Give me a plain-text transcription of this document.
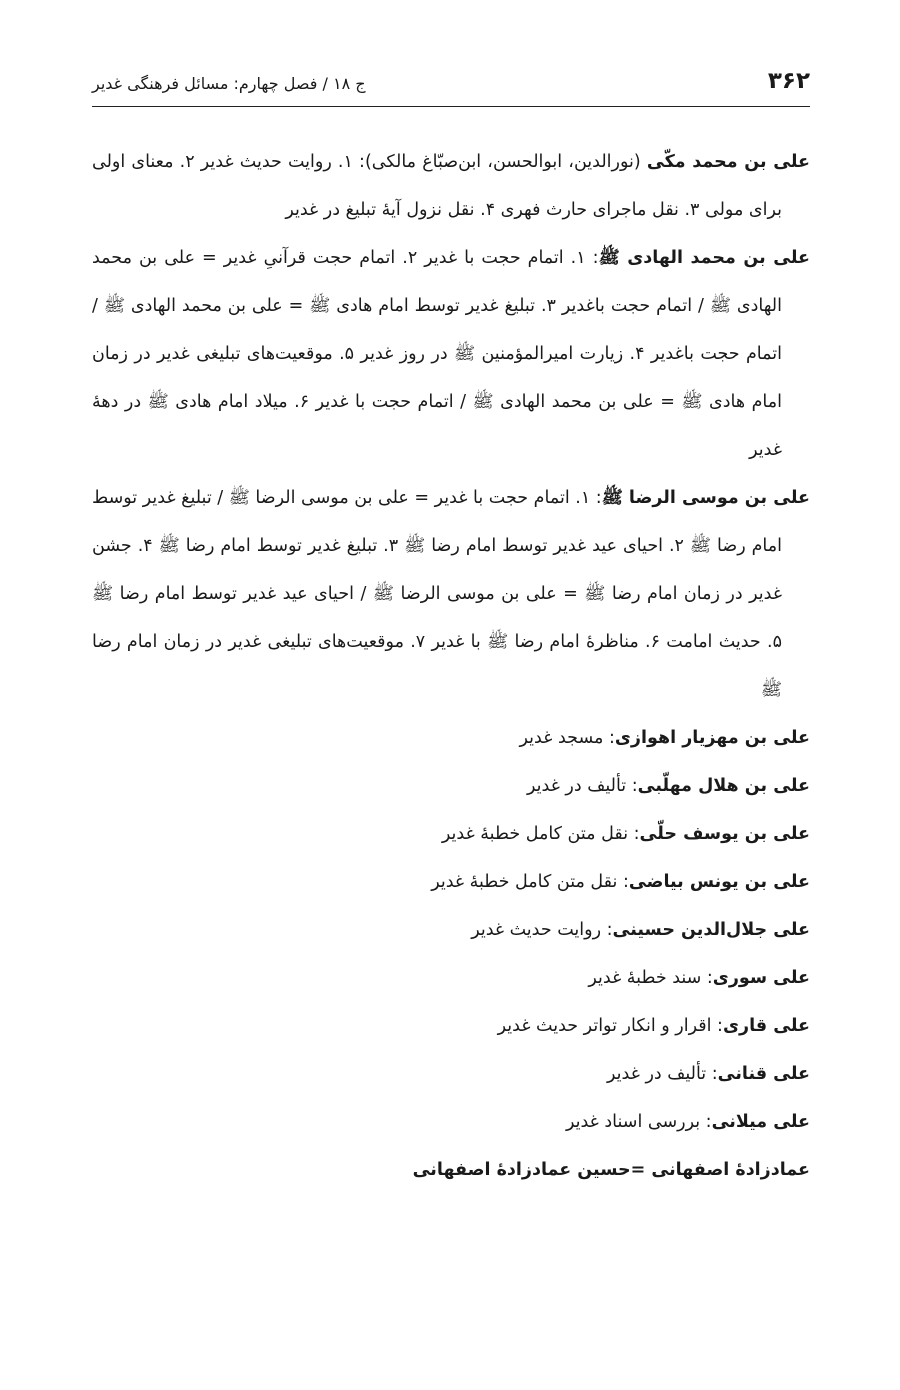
۳۶۲
ج ۱۸ / فصل چهارم: مسائل فرهنگی غدیر

علی بن محمد مکّی (نورالدین، ابوالحسن، ابن‌صبّاغ مالکی): ۱. روایت حدیث غدیر ۲. معنای اولی برای مولی ۳. نقل ماجرای حارث فهری ۴. نقل نزول آیهٔ تبلیغ در غدیر

علی بن محمد الهادی ﷺ: ۱. اتمام حجت با غدیر ۲. اتمام حجت قرآنیِ غدیر = علی بن محمد الهادی ﷺ / اتمام حجت باغدیر ۳. تبلیغ غدیر توسط امام هادی ﷺ = علی بن محمد الهادی ﷺ / اتمام حجت باغدیر ۴. زیارت امیرالمؤمنین ﷺ در روز غدیر ۵. موقعیت‌های تبلیغی غدیر در زمان امام هادی ﷺ = علی بن محمد الهادی ﷺ / اتمام حجت با غدیر ۶. میلاد امام هادی ﷺ در دههٔ غدیر

علی بن موسی الرضا ﷺ: ۱. اتمام حجت با غدیر = علی بن موسی الرضا ﷺ / تبلیغ غدیر توسط امام رضا ﷺ ۲. احیای عید غدیر توسط امام رضا ﷺ ۳. تبلیغ غدیر توسط امام رضا ﷺ ۴. جشن غدیر در زمان امام رضا ﷺ = علی بن موسی الرضا ﷺ / احیای عید غدیر توسط امام رضا ﷺ ۵. حدیث امامت ۶. مناظرهٔ امام رضا ﷺ با غدیر ۷. موقعیت‌های تبلیغی غدیر در زمان امام رضا ﷺ

علی بن مهزیار اهوازی: مسجد غدیر

علی بن هلال مهلّبی: تألیف در غدیر

علی بن یوسف حلّی: نقل متن کامل خطبهٔ غدیر

علی بن یونس بیاضی: نقل متن کامل خطبهٔ غدیر

علی جلال‌الدین حسینی: روایت حدیث غدیر

علی سوری: سند خطبهٔ غدیر

علی قاری: اقرار و انکار تواتر حدیث غدیر

علی قنانی: تألیف در غدیر

علی میلانی: بررسی اسناد غدیر

عمادزادهٔ اصفهانی =حسین عمادزادهٔ اصفهانی
